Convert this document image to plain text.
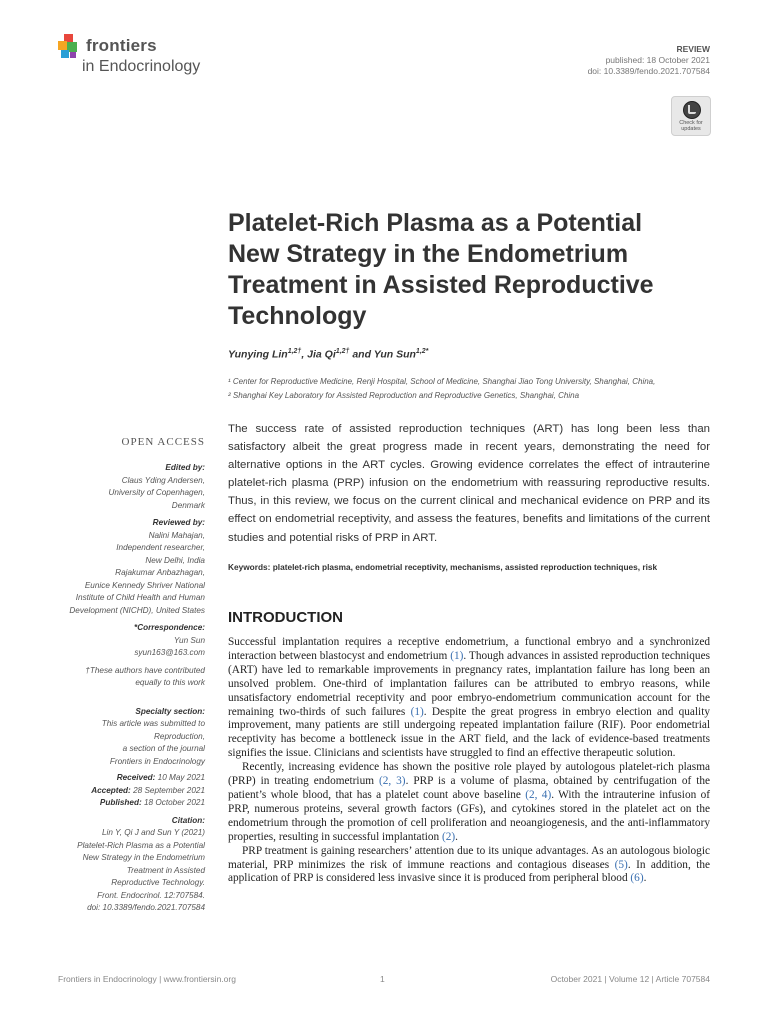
frontiers
in Endocrinology
REVIEW
published: 18 October 2021
doi: 10.3389/fendo.2021.707584
Check for updates
Platelet-Rich Plasma as a Potential New Strategy in the Endometrium Treatment in Assisted Reproductive Technology
Yunying Lin$^{1,2\dagger}$, Jia $Qi^{1,2\dagger}$ and Yun Sun$^{1,2*}$
¹ Center for Reproductive Medicine, Renji Hospital, School of Medicine, Shanghai Jiao Tong University, Shanghai, China,
² Shanghai Key Laboratory for Assisted Reproduction and Reproductive Genetics, Shanghai, China
The success rate of assisted reproduction techniques (ART) has long been less than satisfactory albeit the great progress made in recent years, demonstrating the need for alternative options in the ART cycles. Growing evidence correlates the effect of intrauterine platelet-rich plasma (PRP) infusion on the endometrium with reassuring reproductive results. Thus, in this review, we focus on the current clinical and mechanical evidence on PRP and its effect on endometrial receptivity, and assess the features, benefits and limitations of the current studies and potential risks of PRP in ART.
Keywords: platelet-rich plasma, endometrial receptivity, mechanisms, assisted reproduction techniques, risk
OPEN ACCESS
Edited by:
Claus Yding Andersen,
University of Copenhagen,
Denmark
Reviewed by:
Nalini Mahajan,
Independent researcher,
New Delhi, India
Rajakumar Anbazhagan,
Eunice Kennedy Shriver National
Institute of Child Health and Human
Development (NICHD), United States
*Correspondence:
Yun Sun
syun163@163.com
†These authors have contributed
equally to this work
Specialty section:
This article was submitted to
Reproduction,
a section of the journal
Frontiers in Endocrinology
Received: 10 May 2021
Accepted: 28 September 2021
Published: 18 October 2021
Citation:
Lin Y, Qi J and Sun Y (2021)
Platelet-Rich Plasma as a Potential
New Strategy in the Endometrium
Treatment in Assisted
Reproductive Technology.
Front. Endocrinol. 12:707584.
doi: 10.3389/fendo.2021.707584
INTRODUCTION

Successful implantation requires a receptive endometrium, a functional embryo and a synchronized interaction between blastocyst and endometrium (1). Though advances in assisted reproduction techniques (ART) have led to remarkable improvements in pregnancy rates, implantation failure has long been an unsolved problem. One-third of implantation failures can be attributed to embryo reasons, while unsatisfactory endometrial receptivity and poor embryo-endometrium communication account for the remaining two-thirds of such failures (1). Despite the great progress in embryo election and quality improvement, many patients are still undergoing repeated implantation failure (RIF). Poor endometrial receptivity has become a bottleneck issue in the ART field, and the lack of evidence-based treatments signifies the issue. Clinicians and scientists have struggled to find an effective therapeutic solution.

Recently, increasing evidence has shown the positive role played by autologous platelet-rich plasma (PRP) in treating endometrium (2, 3). PRP is a volume of plasma, obtained by centrifugation of the patient’s whole blood, that has a platelet count above baseline (2, 4). With the intrauterine infusion of PRP, numerous proteins, several growth factors (GFs), and cytokines stored in the platelet act on the endometrium through the promotion of cell proliferation and neoangiogenesis, and the anti-inflammatory properties, resulting in successful implantation (2).

PRP treatment is gaining researchers’ attention due to its unique advantages. As an autologous biologic material, PRP minimizes the risk of immune reactions and contagious diseases (5). In addition, the application of PRP is considered less invasive since it is produced from peripheral blood (6).

Frontiers in Endocrinology | www.frontiersin.org	1	October 2021 | Volume 12 | Article 707584
